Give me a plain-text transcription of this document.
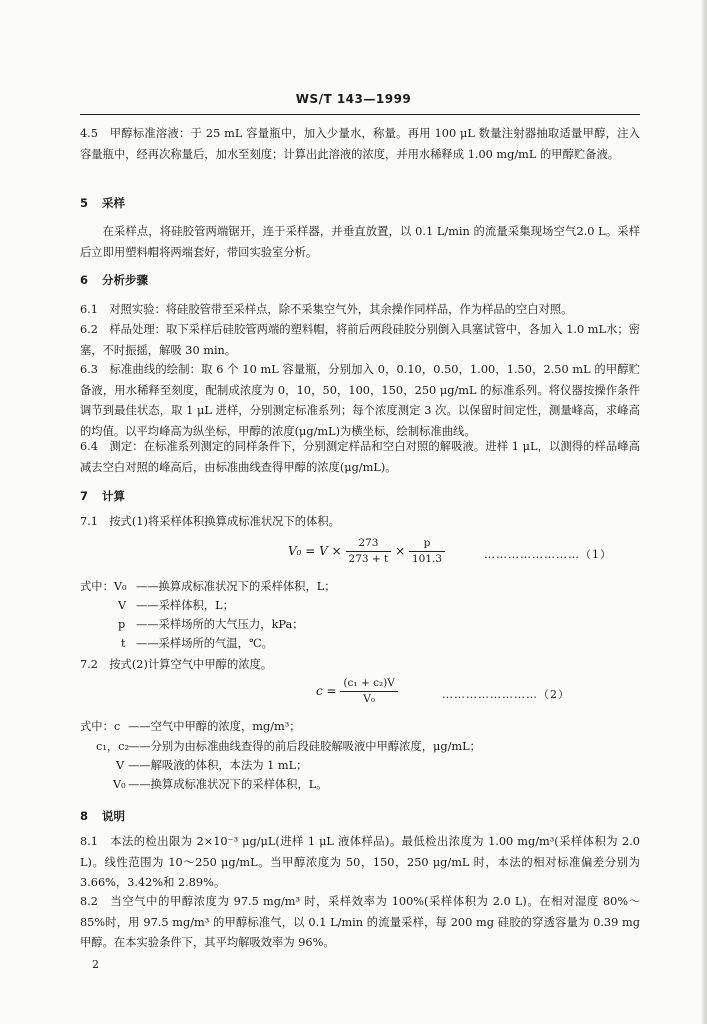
WS/T 143—1999
4.5　甲醇标准溶液：于 25 mL 容量瓶中，加入少量水，称量。再用 100 μL 数量注射器抽取适量甲醇，注入容量瓶中，经再次称量后，加水至刻度；计算出此溶液的浓度，并用水稀释成 1.00 mg/mL 的甲醇贮备液。
5 采样
在采样点，将硅胶管两端锯开，连于采样器，并垂直放置，以 0.1 L/min 的流量采集现场空气2.0 L。采样后立即用塑料帽将两端套好，带回实验室分析。
6 分析步骤
6.1　对照实验：将硅胶管带至采样点，除不采集空气外，其余操作同样品，作为样品的空白对照。
6.2　样品处理：取下采样后硅胶管两端的塑料帽，将前后两段硅胶分别倒入具塞试管中，各加入 1.0 mL水；密塞，不时振摇，解吸 30 min。
6.3　标准曲线的绘制：取 6 个 10 mL 容量瓶，分别加入 0，0.10，0.50，1.00，1.50，2.50 mL 的甲醇贮备液，用水稀释至刻度，配制成浓度为 0，10，50，100，150，250 μg/mL 的标准系列。将仪器按操作条件调节到最佳状态，取 1 μL 进样，分别测定标准系列；每个浓度测定 3 次。以保留时间定性，测量峰高，求峰高的均值。以平均峰高为纵坐标，甲醇的浓度(μg/mL)为横坐标，绘制标准曲线。
6.4　测定：在标准系列测定的同样条件下，分别测定样品和空白对照的解吸液。进样 1 μL，以测得的样品峰高减去空白对照的峰高后，由标准曲线查得甲醇的浓度(μg/mL)。
7 计算
7.1　按式(1)将采样体积换算成标准状况下的体积。
$V_0 = V \times \frac{273}{273 + t} \times \frac{p}{101.3}$	……………………（1）
式中：V₀ ——换算成标准状况下的采样体积，L；
V ——采样体积，L；
p ——采样场所的大气压力，kPa；
t ——采样场所的气温，℃。
7.2　按式(2)计算空气中甲醇的浓度。
$c = \frac{\text{(c₁ + c₂)V}}{\text{V₀}}$	……………………（2）
式中：c ——空气中甲醇的浓度，mg/m³；
c₁，c₂
——分别为由标准曲线查得的前后段硅胶解吸液中甲醇浓度，μg/mL；
V ——解吸液的体积，本法为 1 mL；
V₀ ——换算成标准状况下的采样体积，L。
8 说明
8.1　本法的检出限为 2×10⁻³ μg/μL(进样 1 μL 液体样品)。最低检出浓度为 1.00 mg/m³(采样体积为 2.0 L)。线性范围为 10～250 μg/mL。当甲醇浓度为 50，150，250 μg/mL 时，本法的相对标准偏差分别为 3.66%，3.42%和 2.89%。
8.2　当空气中的甲醇浓度为 97.5 mg/m³ 时，采样效率为 100%(采样体积为 2.0 L)。在相对湿度 80%～85%时，用 97.5 mg/m³ 的甲醇标准气，以 0.1 L/min 的流量采样，每 200 mg 硅胶的穿透容量为 0.39 mg甲醇。在本实验条件下，其平均解吸效率为 96%。
2
